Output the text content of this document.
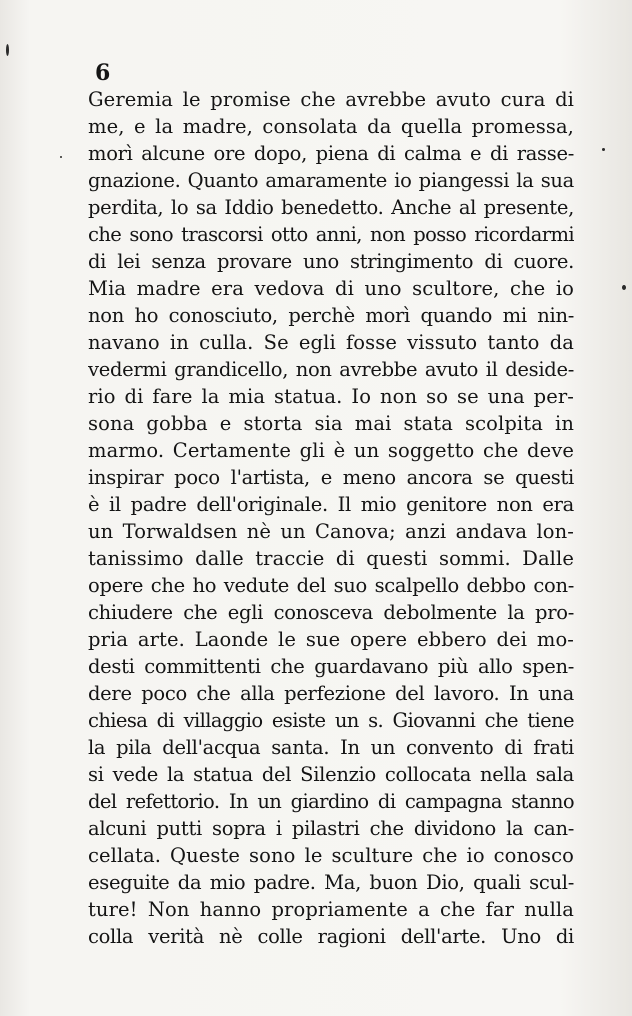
6
Geremia le promise che avrebbe avuto cura di
me, e la madre, consolata da quella promessa,
morì alcune ore dopo, piena di calma e di rasse-
gnazione. Quanto amaramente io piangessi la sua
perdita, lo sa Iddio benedetto. Anche al presente,
che sono trascorsi otto anni, non posso ricordarmi
di lei senza provare uno stringimento di cuore.
Mia madre era vedova di uno scultore, che io
non ho conosciuto, perchè morì quando mi nin-
navano in culla. Se egli fosse vissuto tanto da
vedermi grandicello, non avrebbe avuto il deside-
rio di fare la mia statua. Io non so se una per-
sona gobba e storta sia mai stata scolpita in
marmo. Certamente gli è un soggetto che deve
inspirar poco l'artista, e meno ancora se questi
è il padre dell'originale. Il mio genitore non era
un Torwaldsen nè un Canova; anzi andava lon-
tanissimo dalle traccie di questi sommi. Dalle
opere che ho vedute del suo scalpello debbo con-
chiudere che egli conosceva debolmente la pro-
pria arte. Laonde le sue opere ebbero dei mo-
desti committenti che guardavano più allo spen-
dere poco che alla perfezione del lavoro. In una
chiesa di villaggio esiste un s. Giovanni che tiene
la pila dell'acqua santa. In un convento di frati
si vede la statua del Silenzio collocata nella sala
del refettorio. In un giardino di campagna stanno
alcuni putti sopra i pilastri che dividono la can-
cellata. Queste sono le sculture che io conosco
eseguite da mio padre. Ma, buon Dio, quali scul-
ture! Non hanno propriamente a che far nulla
colla verità nè colle ragioni dell'arte. Uno di
